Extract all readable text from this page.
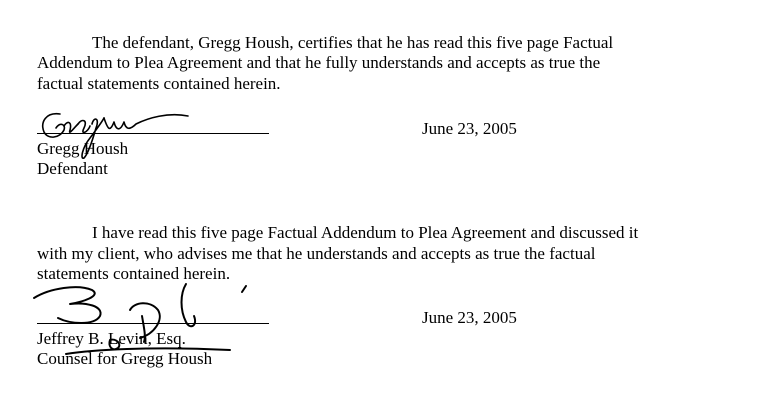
The defendant, Gregg Housh, certifies that he has read this five page Factual
Addendum to Plea Agreement and that he fully understands and accepts as true the
factual statements contained herein.
June 23, 2005
Gregg Housh
Defendant
I have read this five page Factual Addendum to Plea Agreement and discussed it
with my client, who advises me that he understands and accepts as true the factual
statements contained herein.
June 23, 2005
Jeffrey B. Levin, Esq.
Counsel for Gregg Housh
